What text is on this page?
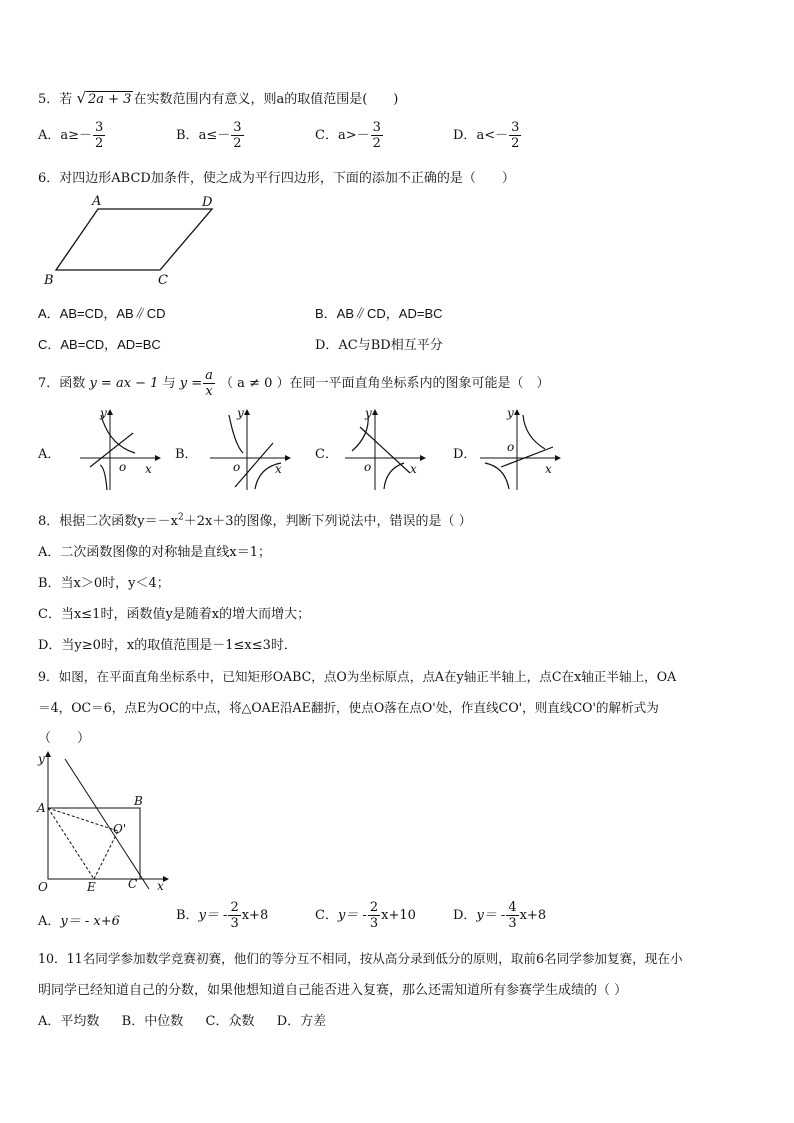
5．若 √ 2a + 3 在实数范围内有意义，则a的取值范围是(　　)
A．$a\ge- \frac{3}{2}$	B．$a\le- \frac{3}{2}$	C．$a>- \frac{3}{2}$	D．$a<- \frac{3}{2}$
6．对四边形ABCD加条件，使之成为平行四边形，下面的添加不正确的是（　　）
A	D
B	C
A．AB=CD，AB∥CD	B．AB∥CD，AD=BC
C．AB=CD，AD=BC	D．AC与BD相互平分
7．函数 y = ax − 1 与 $y = \frac{a}{x}$ （ a ≠ 0 ）在同一平面直角坐标系内的图象可能是（　）
A．
y
o x
B．
y
o	x
C．
y
o	x
D．
y
o
x
8．根据二次函数$y=-x^2+2x+3$的图像，判断下列说法中，错误的是（ ）
A．二次函数图像的对称轴是直线x＝1；
B．当x＞0时，y＜4；
C．当x≤1时，函数值y是随着x的增大而增大；
D．当y≥0时，x的取值范围是－1≤x≤3时．
9．如图，在平面直角坐标系中，已知矩形OABC，点O为坐标原点，点A在y轴正半轴上，点C在x轴正半轴上，OA
＝4，OC＝6，点E为OC的中点，将△OAE沿AE翻折，使点O落在点O'处，作直线CO'，则直线CO'的解析式为
（　　）
y
x
A	B
O	E	C
O'
A．y＝ - x+6	B．$y= - \frac{2}{3} x+8$	C．$y= - \frac{2}{3} x+10$	D．$y= - \frac{4}{3} x+8$
10．11名同学参加数学竞赛初赛，他们的等分互不相同，按从高分录到低分的原则，取前6名同学参加复赛，现在小
明同学已经知道自己的分数，如果他想知道自己能否进入复赛，那么还需知道所有参赛学生成绩的（ ）
A．平均数 B．中位数 C．众数 D．方差
